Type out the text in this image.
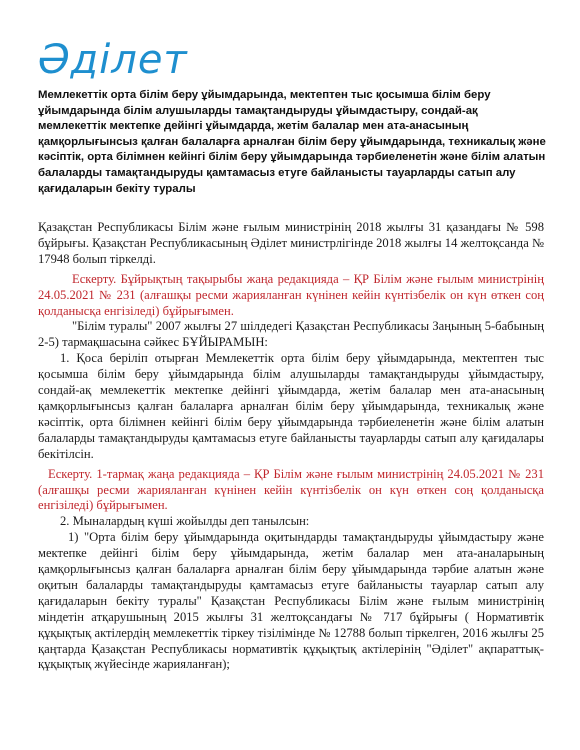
Әділет
Мемлекеттік орта білім беру ұйымдарында, мектептен тыс қосымша білім беру ұйымдарында білім алушыларды тамақтандыруды ұйымдастыру, сондай-ақ мемлекеттік мектепке дейінгі ұйымдарда, жетім балалар мен ата-анасының қамқорлығынсыз қалған балаларға арналған білім беру ұйымдарында, техникалық және кәсіптік, орта білімнен кейінгі білім беру ұйымдарында тәрбиеленетін және білім алатын балаларды тамақтандыруды қамтамасыз етуге байланысты тауарларды сатып алу қағидаларын бекіту туралы

Қазақстан Республикасы Білім және ғылым министрінің 2018 жылғы 31 қазандағы № 598 бұйрығы. Қазақстан Республикасының Әділет министрлігінде 2018 жылғы 14 желтоқсанда № 17948 болып тіркелді.

Ескерту. Бұйрықтың тақырыбы жаңа редакцияда – ҚР Білім және ғылым министрінің 24.05.2021 № 231 (алғашқы ресми жарияланған күнінен кейін күнтізбелік он күн өткен соң қолданысқа енгізіледі) бұйрығымен.

"Білім туралы" 2007 жылғы 27 шілдедегі Қазақстан Республикасы Заңының 5-бабының 2-5) тармақшасына сәйкес БҰЙЫРАМЫН:

1. Қоса беріліп отырған Мемлекеттік орта білім беру ұйымдарында, мектептен тыс қосымша білім беру ұйымдарында білім алушыларды тамақтандыруды ұйымдастыру, сондай-ақ мемлекеттік мектепке дейінгі ұйымдарда, жетім балалар мен ата-анасының қамқорлығынсыз қалған балаларға арналған білім беру ұйымдарында, техникалық және кәсіптік, орта білімнен кейінгі білім беру ұйымдарында тәрбиеленетін және білім алатын балаларды тамақтандыруды қамтамасыз етуге байланысты тауарларды сатып алу қағидалары бекітілсін.

Ескерту. 1-тармақ жаңа редакцияда – ҚР Білім және ғылым министрінің 24.05.2021 № 231 (алғашқы ресми жарияланған күнінен кейін күнтізбелік он күн өткен соң қолданысқа енгізіледі) бұйрығымен.

2. Мыналардың күші жойылды деп танылсын:

1) "Орта білім беру ұйымдарында оқитындарды тамақтандыруды ұйымдастыру және мектепке дейінгі білім беру ұйымдарында, жетім балалар мен ата-аналарының қамқорлығынсыз қалған балаларға арналған білім беру ұйымдарында тәрбие алатын және оқитын балаларды тамақтандыруды қамтамасыз етуге байланысты тауарлар сатып алу қағидаларын бекіту туралы" Қазақстан Республикасы Білім және ғылым министрінің міндетін атқарушының 2015 жылғы 31 желтоқсандағы № 717 бұйрығы ( Нормативтік құқықтық актілердің мемлекеттік тіркеу тізілімінде № 12788 болып тіркелген, 2016 жылғы 25 қаңтарда Қазақстан Республикасы нормативтік құқықтық актілерінің "Әділет" ақпараттық-құқықтық жүйесінде жарияланған);
